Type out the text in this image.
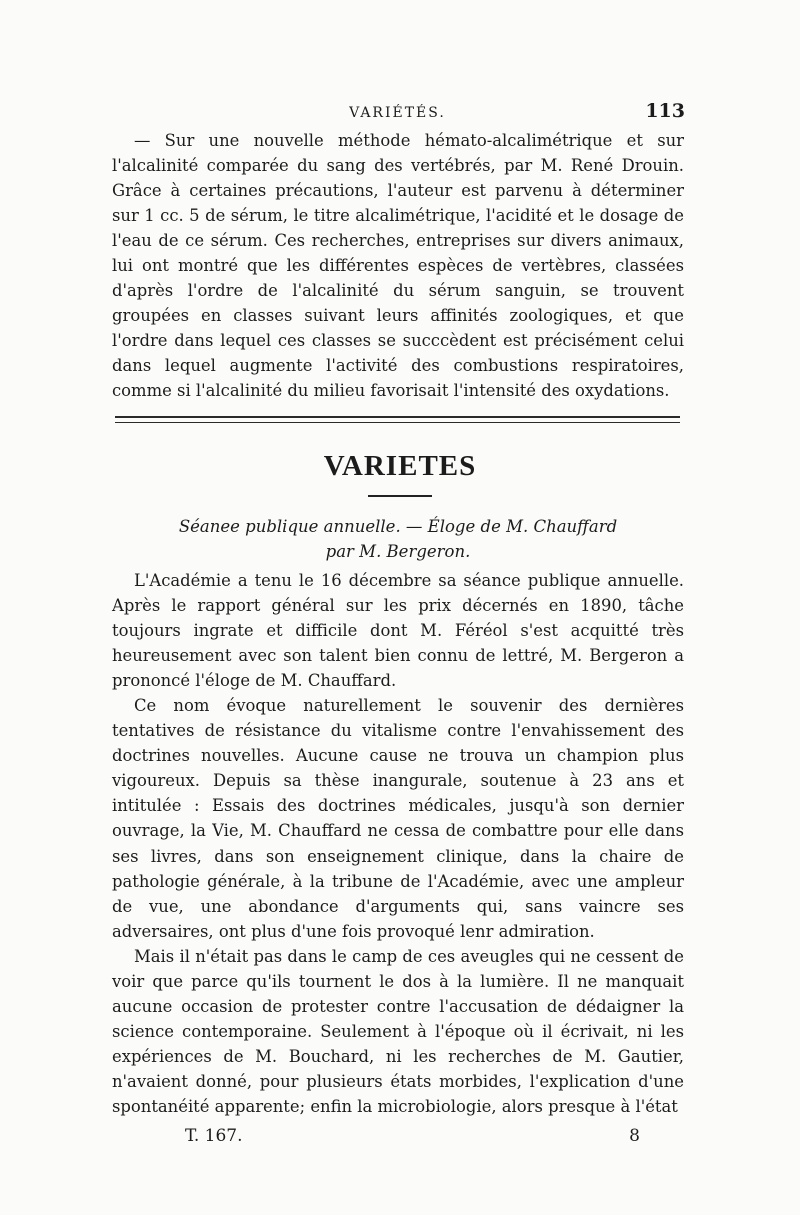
VARIÉTÉS.	113

— Sur une nouvelle méthode hémato-alcalimétrique et sur l'alcalinité comparée du sang des vertébrés, par M. René Drouin. Grâce à certaines précautions, l'auteur est parvenu à déterminer sur 1 cc. 5 de sérum, le titre alcalimétrique, l'acidité et le dosage de l'eau de ce sérum. Ces recherches, entreprises sur divers animaux, lui ont montré que les différentes espèces de vertèbres, classées d'après l'ordre de l'alcalinité du sérum sanguin, se trouvent groupées en classes suivant leurs affinités zoologiques, et que l'ordre dans lequel ces classes se succcèdent est précisément celui dans lequel augmente l'activité des combustions respiratoires, comme si l'alcalinité du milieu favorisait l'intensité des oxydations.

VARIETES
Séanee publique annuelle. — Éloge de M. Chauffard
par M. Bergeron.

L'Académie a tenu le 16 décembre sa séance publique annuelle. Après le rapport général sur les prix décernés en 1890, tâche toujours ingrate et difficile dont M. Féréol s'est acquitté très heureusement avec son talent bien connu de lettré, M. Bergeron a prononcé l'éloge de M. Chauffard.

Ce nom évoque naturellement le souvenir des dernières tentatives de résistance du vitalisme contre l'envahissement des doctrines nouvelles. Aucune cause ne trouva un champion plus vigoureux. Depuis sa thèse inangurale, soutenue à 23 ans et intitulée : Essais des doctrines médicales, jusqu'à son dernier ouvrage, la Vie, M. Chauffard ne cessa de combattre pour elle dans ses livres, dans son enseignement clinique, dans la chaire de pathologie générale, à la tribune de l'Académie, avec une ampleur de vue, une abondance d'arguments qui, sans vaincre ses adversaires, ont plus d'une fois provoqué lenr admiration.

Mais il n'était pas dans le camp de ces aveugles qui ne cessent de voir que parce qu'ils tournent le dos à la lumière. Il ne manquait aucune occasion de protester contre l'accusation de dédaigner la science contemporaine. Seulement à l'époque où il écrivait, ni les expériences de M. Bouchard, ni les recherches de M. Gautier, n'avaient donné, pour plusieurs états morbides, l'explication d'une spontanéité apparente; enfin la microbiologie, alors presque à l'état

T. 167.	8
